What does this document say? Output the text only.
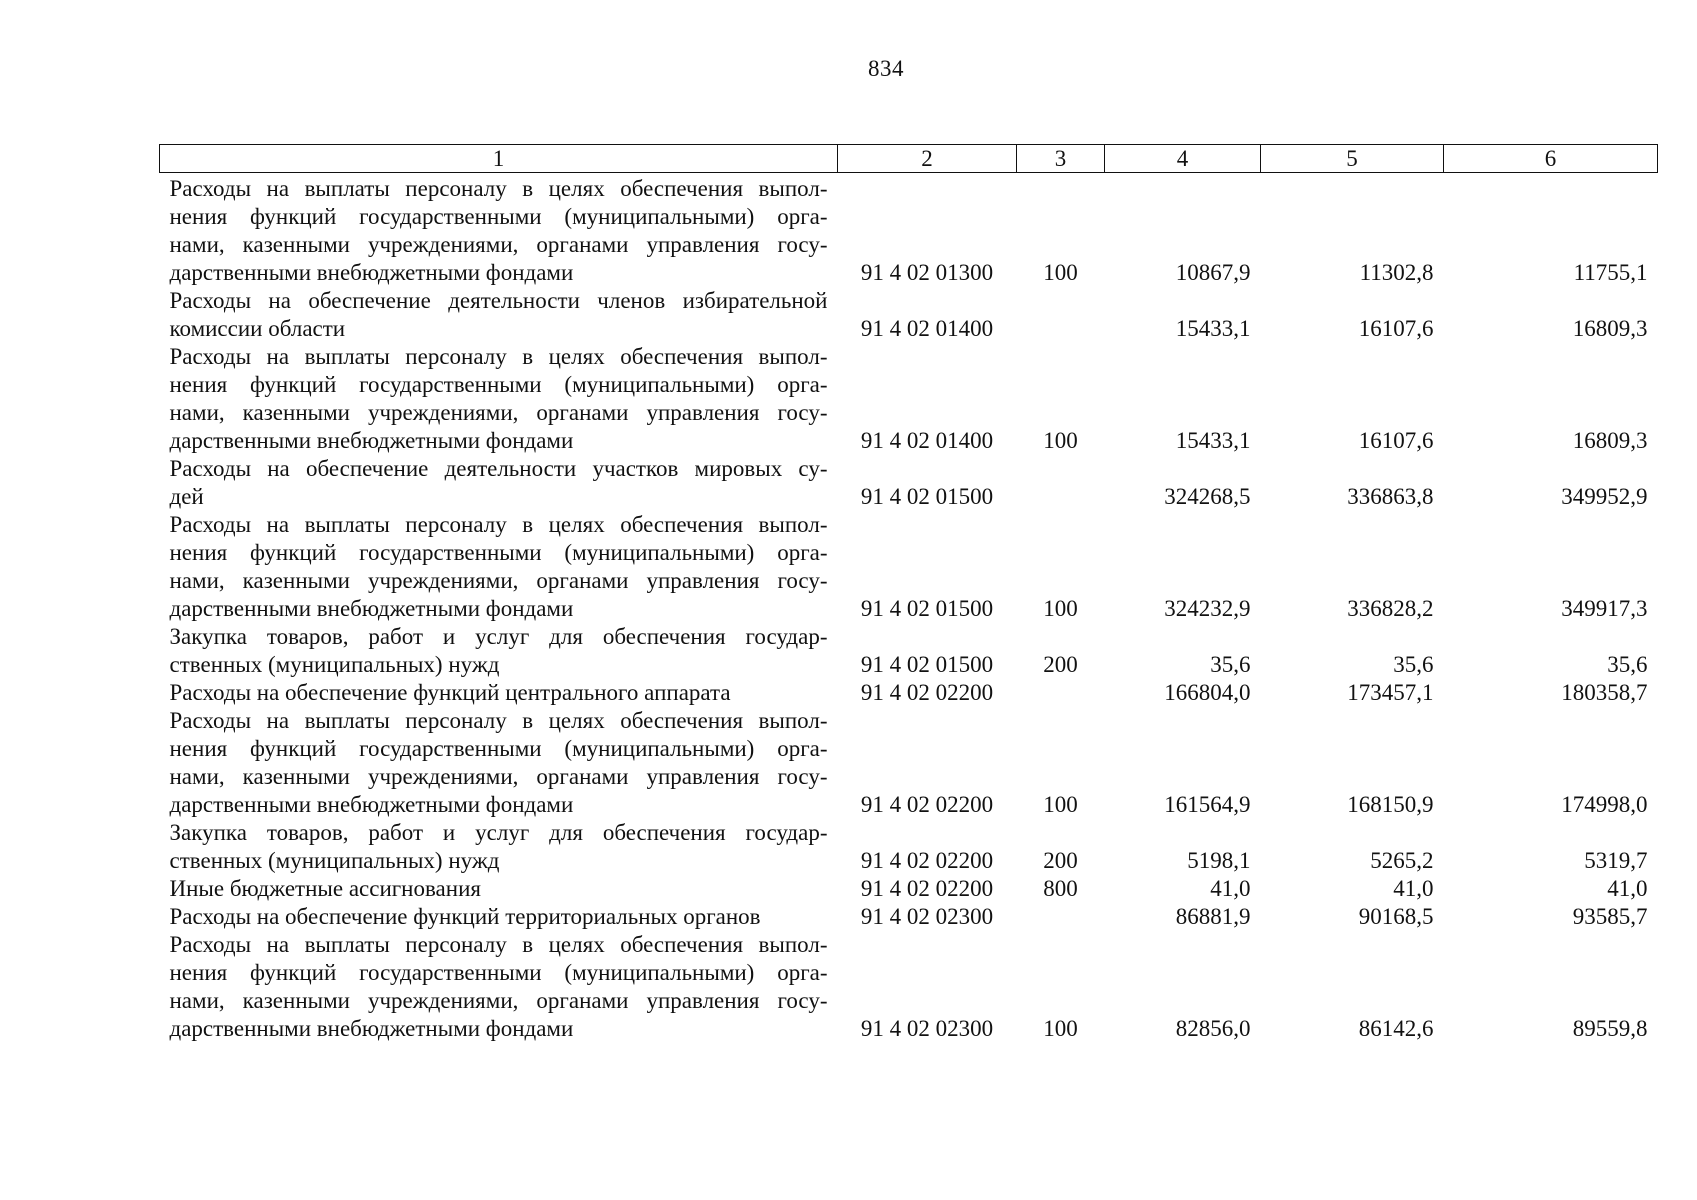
834
1	2	3	4	5	6

Расходы на выплаты персоналу в целях обеспечения выпол-
нения функций государственными (муниципальными) орга-
нами, казенными учреждениями, органами управления госу-
дарственными внебюджетными фондами	91 4 02 01300	100	10867,9	11302,8	11755,1

Расходы на обеспечение деятельности членов избирательной
комиссии области	91 4 02 01400		15433,1	16107,6	16809,3

Расходы на выплаты персоналу в целях обеспечения выпол-
нения функций государственными (муниципальными) орга-
нами, казенными учреждениями, органами управления госу-
дарственными внебюджетными фондами	91 4 02 01400	100	15433,1	16107,6	16809,3

Расходы на обеспечение деятельности участков мировых су-
дей	91 4 02 01500		324268,5	336863,8	349952,9

Расходы на выплаты персоналу в целях обеспечения выпол-
нения функций государственными (муниципальными) орга-
нами, казенными учреждениями, органами управления госу-
дарственными внебюджетными фондами	91 4 02 01500	100	324232,9	336828,2	349917,3

Закупка товаров, работ и услуг для обеспечения государ-
ственных (муниципальных) нужд	91 4 02 01500	200	35,6	35,6	35,6

Расходы на обеспечение функций центрального аппарата	91 4 02 02200		166804,0	173457,1	180358,7

Расходы на выплаты персоналу в целях обеспечения выпол-
нения функций государственными (муниципальными) орга-
нами, казенными учреждениями, органами управления госу-
дарственными внебюджетными фондами	91 4 02 02200	100	161564,9	168150,9	174998,0

Закупка товаров, работ и услуг для обеспечения государ-
ственных (муниципальных) нужд	91 4 02 02200	200	5198,1	5265,2	5319,7

Иные бюджетные ассигнования	91 4 02 02200	800	41,0	41,0	41,0

Расходы на обеспечение функций территориальных органов	91 4 02 02300		86881,9	90168,5	93585,7

Расходы на выплаты персоналу в целях обеспечения выпол-
нения функций государственными (муниципальными) орга-
нами, казенными учреждениями, органами управления госу-
дарственными внебюджетными фондами	91 4 02 02300	100	82856,0	86142,6	89559,8
